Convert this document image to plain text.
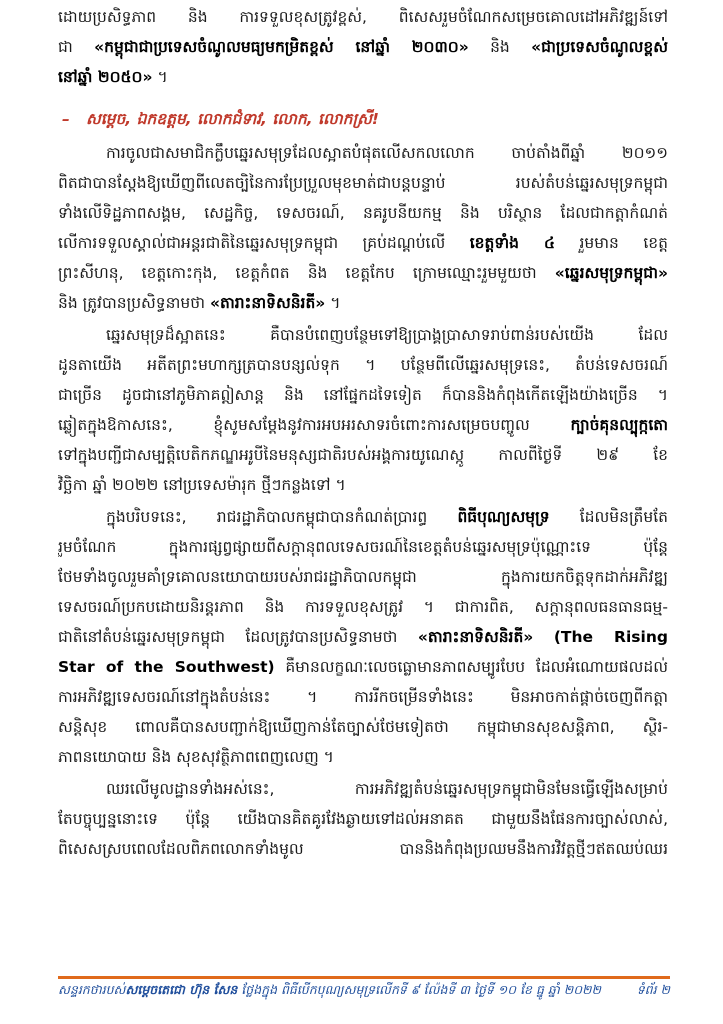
ដោយប្រសិទ្ធភាព និង ការទទួលខុសត្រូវខ្ពស់, ពិសេសរួមចំណែកសម្រេចគោលដៅអភិវឌ្ឍន៍ទៅ
ជា «កម្ពុជាជាប្រទេសចំណូលមធ្យមកម្រិតខ្ពស់ នៅឆ្នាំ ២០៣០» និង «ជាប្រទេសចំណូលខ្ពស់
នៅឆ្នាំ ២០៥០» ។
–   សម្ដេច, ឯកឧត្តម, លោកជំទាវ, លោក, លោកស្រី!
ការចូលជាសមាជិកក្លឹបឆ្នេរសមុទ្រដែលស្អាតបំផុតលើសកលលោក ចាប់តាំងពីឆ្នាំ ២០១១
ពិតជាបានស្ដែងឱ្យឃើញពីលេតច្បិនៃការប្រែប្រួលមុខមាត់ជាបន្តបន្ទាប់ របស់តំបន់ឆ្នេរសមុទ្រកម្ពុជា
ទាំងលើទិដ្ឋភាពសង្គម, សេដ្ឋកិច្ច, ទេសចរណ៍, នគរូបនីយកម្ម និង បរិស្ថាន ដែលជាកត្តាកំណត់
លើការទទួលស្គាល់ជាអន្តរជាតិនៃឆ្នេរសមុទ្រកម្ពុជា គ្រប់ដណ្ដប់លើ ខេត្តទាំង ៤ រួមមាន ខេត្ត
ព្រះសីហនុ, ខេត្តកោះកុង, ខេត្តកំពត និង ខេត្តកែប ក្រោមឈ្មោះរួមមួយថា «ឆ្នេរសមុទ្រកម្ពុជា»
និង ត្រូវបានប្រសិទ្ធនាមថា «តារាះនាទិសនិរតី» ។
ឆ្នេរសមុទ្រដ៏ស្អាតនេះ គឺបានបំពេញបន្ថែមទៅឱ្យប្រាង្គប្រាសាទរាប់ពាន់របស់យើង ដែល
ដូនតាយើង អតីតព្រះមហាក្សត្របានបន្សល់ទុក ។ បន្ថែមពីលើឆ្នេរសមុទ្រនេះ, តំបន់ទេសចរណ៍
ជាច្រើន ដូចជានៅភូមិភាគឦសាន្ត និង នៅផ្នែកដទៃទៀត ក៏បាននិងកំពុងកើតឡើងយ៉ាងច្រើន ។
ឆ្លៀតក្នុងឱកាសនេះ, ខ្ញុំសូមសម្ដែងនូវការអបអរសាទរចំពោះការសម្រេចបញ្ចូល	ក្បាច់គុនល្បុក្កតោ
ទៅក្នុងបញ្ជីជាសម្បត្តិបេតិកភណ្ឌអរូបីនៃមនុស្សជាតិរបស់អង្គការយូណេស្កូ កាលពីថ្ងៃទី ២៩ ខែ
វិច្ឆិកា ឆ្នាំ ២០២២ នៅប្រទេសម៉ារុក ថ្មីៗកន្លងទៅ ។
ក្នុងបរិបទនេះ, រាជរដ្ឋាភិបាលកម្ពុជាបានកំណត់ប្រារព្ធ ពិធីបុណ្យសមុទ្រ ដែលមិនត្រឹមតែ
រួមចំណែក ក្នុងការផ្សព្វផ្សាយពីសក្តានុពលទេសចរណ៍នៃខេត្តតំបន់ឆ្នេរសមុទ្រប៉ុណ្ណោះទេ ប៉ុន្តែ
ថែមទាំងចូលរួមគាំទ្រគោលនយោបាយរបស់រាជរដ្ឋាភិបាលកម្ពុជា ក្នុងការយកចិត្តទុកដាក់អភិវឌ្ឍ
ទេសចរណ៍ប្រកបដោយនិរន្តរភាព និង ការទទួលខុសត្រូវ ។ ជាការពិត, សក្តានុពលធនធានធម្ម-
ជាតិនៅតំបន់ឆ្នេរសមុទ្រកម្ពុជា ដែលត្រូវបានប្រសិទ្ធនាមថា «តារាះនាទិសនិរតី» (The Rising
Star of the Southwest) គឺមានលក្ខណៈលេចធ្លោមានភាពសម្បូរបែប ដែលអំណោយផលដល់
ការអភិវឌ្ឍទេសចរណ៍នៅក្នុងតំបន់នេះ ។ ការរីកចម្រើនទាំងនេះ មិនអាចកាត់ផ្ដាច់ចេញពីកត្តា
សន្តិសុខ ពោលគឺបានសបញ្ជាក់ឱ្យឃើញកាន់តែច្បាស់ថែមទៀតថា កម្ពុជាមានសុខសន្តិភាព, ស្ថិរ-
ភាពនយោបាយ និង សុខសុវត្ថិភាពពេញលេញ ។
ឈរលើមូលដ្ឋានទាំងអស់នេះ, ការអភិវឌ្ឍតំបន់ឆ្នេរសមុទ្រកម្ពុជាមិនមែនធ្វើឡើងសម្រាប់
តែបច្ចុប្បន្ននោះទេ ប៉ុន្តែ យើងបានគិតគូរវែងឆ្ងាយទៅដល់អនាគត ជាមួយនឹងផែនការច្បាស់លាស់,
ពិសេសស្របពេលដែលពិភពលោកទាំងមូល បាននិងកំពុងប្រឈមនឹងការវិវត្តថ្មីៗឥតឈប់ឈរ
សន្ទរកថារបស់សម្ដេចតេជោ ហ៊ុន សែន ថ្លែងក្នុង ពិធីបើកបុណ្យសមុទ្រលើកទី ៩ ល៉ែងទី ៣ ថ្ងៃទី ១០ ខែ ធ្នូ ឆ្នាំ ២០២២	ទំព័រ ២
